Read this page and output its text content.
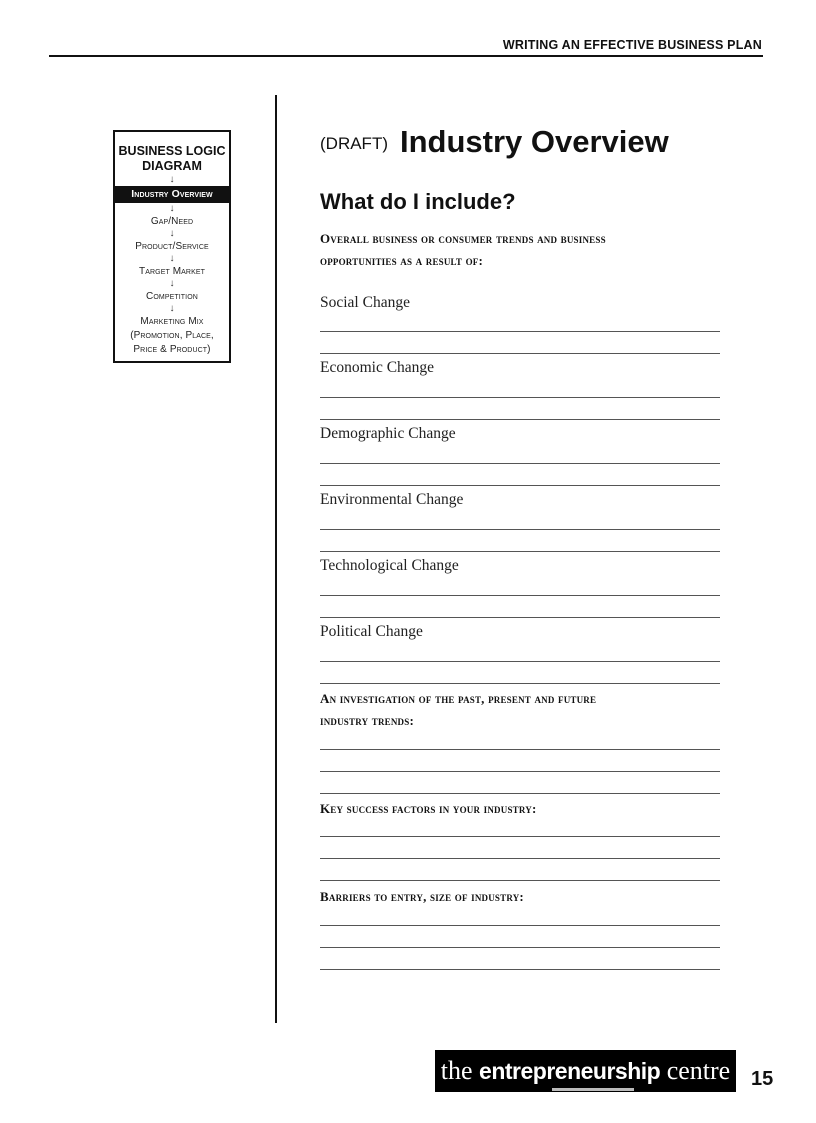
WRITING AN EFFECTIVE BUSINESS PLAN
BUSINESS LOGIC
DIAGRAM
↓
Industry Overview
↓
Gap/Need
↓
Product/Service
↓
Target Market
↓
Competition
↓
Marketing Mix
(Promotion, Place,
Price & Product)
(DRAFT) Industry Overview
What do I include?
Overall business or consumer trends and business
opportunities as a result of:
Social Change
Economic Change
Demographic Change
Environmental Change
Technological Change
Political Change
An investigation of the past, present and future
industry trends:
Key success factors in your industry:
Barriers to entry, size of industry:
the entrepreneurship centre 15
